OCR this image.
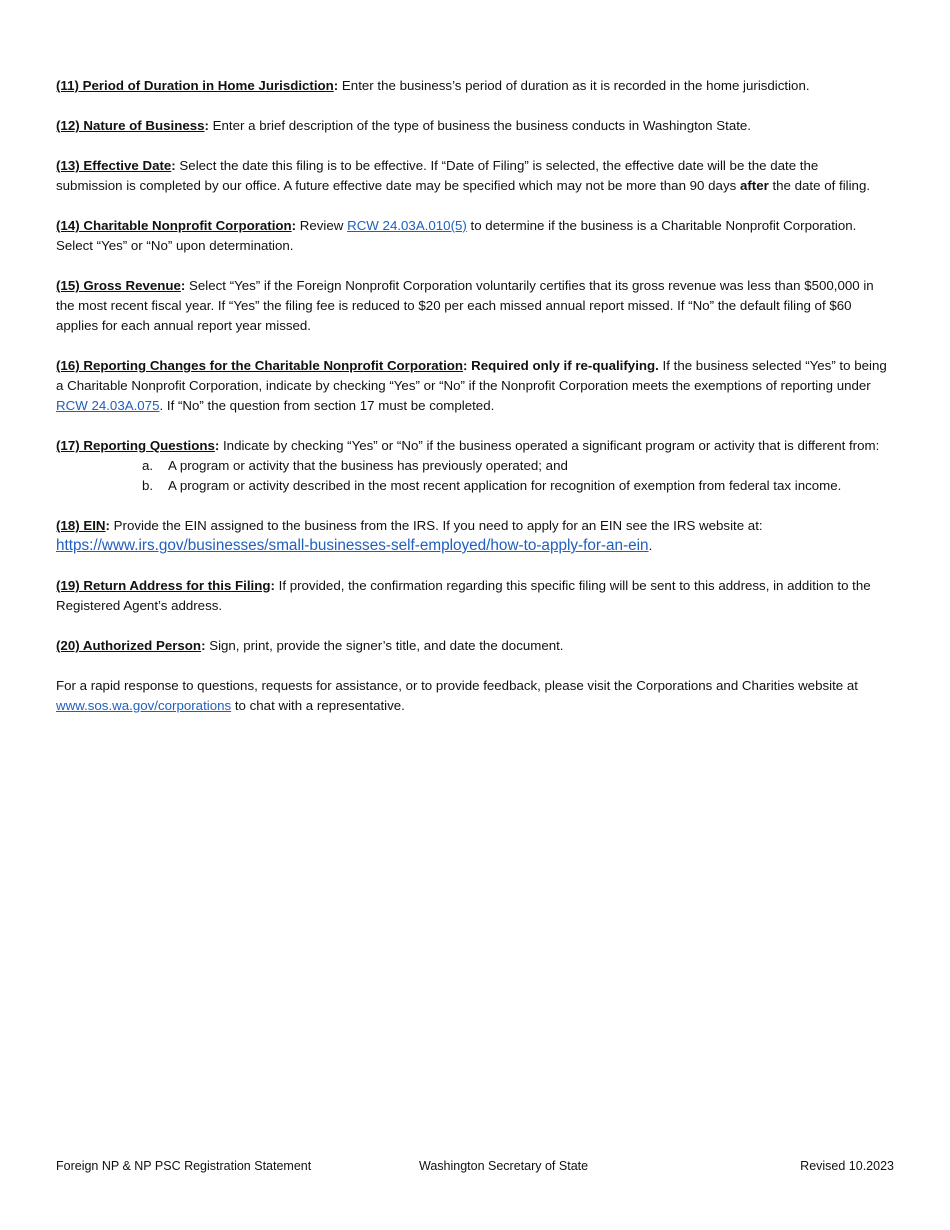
(11) Period of Duration in Home Jurisdiction: Enter the business’s period of duration as it is recorded in the home jurisdiction.

(12) Nature of Business: Enter a brief description of the type of business the business conducts in Washington State.

(13) Effective Date: Select the date this filing is to be effective. If “Date of Filing” is selected, the effective date will be the date the submission is completed by our office. A future effective date may be specified which may not be more than 90 days after the date of filing.

(14) Charitable Nonprofit Corporation: Review RCW 24.03A.010(5) to determine if the business is a Charitable Nonprofit Corporation. Select “Yes” or “No” upon determination.

(15) Gross Revenue: Select “Yes” if the Foreign Nonprofit Corporation voluntarily certifies that its gross revenue was less than $500,000 in the most recent fiscal year. If “Yes” the filing fee is reduced to $20 per each missed annual report missed. If “No” the default filing of $60 applies for each annual report year missed.

(16) Reporting Changes for the Charitable Nonprofit Corporation: Required only if re-qualifying. If the business selected “Yes” to being a Charitable Nonprofit Corporation, indicate by checking “Yes” or “No” if the Nonprofit Corporation meets the exemptions of reporting under RCW 24.03A.075. If “No” the question from section 17 must be completed.

(17) Reporting Questions: Indicate by checking “Yes” or “No” if the business operated a significant program or activity that is different from:

a. A program or activity that the business has previously operated; and
b. A program or activity described in the most recent application for recognition of exemption from federal tax income.

(18) EIN: Provide the EIN assigned to the business from the IRS. If you need to apply for an EIN see the IRS website at:
https://www.irs.gov/businesses/small-businesses-self-employed/how-to-apply-for-an-ein.

(19) Return Address for this Filing: If provided, the confirmation regarding this specific filing will be sent to this address, in addition to the Registered Agent’s address.

(20) Authorized Person: Sign, print, provide the signer’s title, and date the document.

For a rapid response to questions, requests for assistance, or to provide feedback, please visit the Corporations and Charities website at www.sos.wa.gov/corporations to chat with a representative.

Foreign NP & NP PSC Registration Statement	Washington Secretary of State	Revised 10.2023
